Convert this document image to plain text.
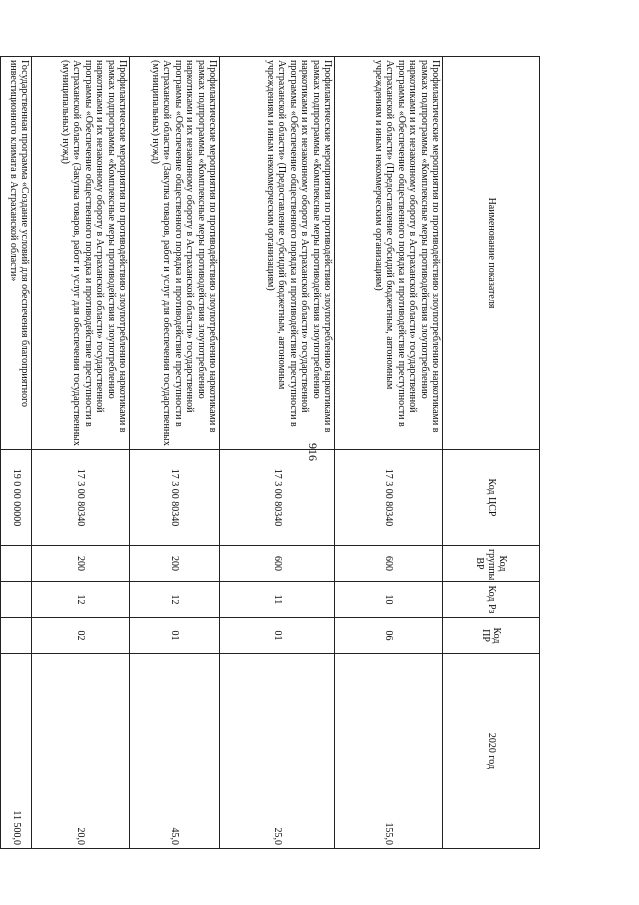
916
Наименование показателя	Код ЦСР	Код группы ВР	Код Рз	Код ПР	2020 год
Профилактические мероприятия по противодействию злоупотреблению наркотиками в рамках подпрограммы «Комплексные меры противодействия злоупотреблению наркотиками и их незаконному обороту в Астраханской области» государственной программы «Обеспечение общественного порядка и противодействие преступности в Астраханской области» (Предоставление субсидий бюджетным, автономным учреждениям и иным некоммерческим организациям)	17 3 00 80340	600	10	06	155,0
Профилактические мероприятия по противодействию злоупотреблению наркотиками в рамках подпрограммы «Комплексные меры противодействия злоупотреблению наркотиками и их незаконному обороту в Астраханской области» государственной программы «Обеспечение общественного порядка и противодействие преступности в Астраханской области» (Предоставление субсидий бюджетным, автономным учреждениям и иным некоммерческим организациям)	17 3 00 80340	600	11	01	25,0
Профилактические мероприятия по противодействию злоупотреблению наркотиками в рамках подпрограммы «Комплексные меры противодействия злоупотреблению наркотиками и их незаконному обороту в Астраханской области» государственной программы «Обеспечение общественного порядка и противодействие преступности в Астраханской области» (Закупка товаров, работ и услуг для обеспечения государственных (муниципальных) нужд)	17 3 00 80340	200	12	01	45,0
Профилактические мероприятия по противодействию злоупотреблению наркотиками в рамках подпрограммы «Комплексные меры противодействия злоупотреблению наркотиками и их незаконному обороту в Астраханской области» государственной программы «Обеспечение общественного порядка и противодействие преступности в Астраханской области» (Закупка товаров, работ и услуг для обеспечения государственных (муниципальных) нужд)	17 3 00 80340	200	12	02	20,0
Государственная программа «Создание условий для обеспечения благоприятного инвестиционного климата в Астраханской области»	19 0 00 00000				11 500,0
